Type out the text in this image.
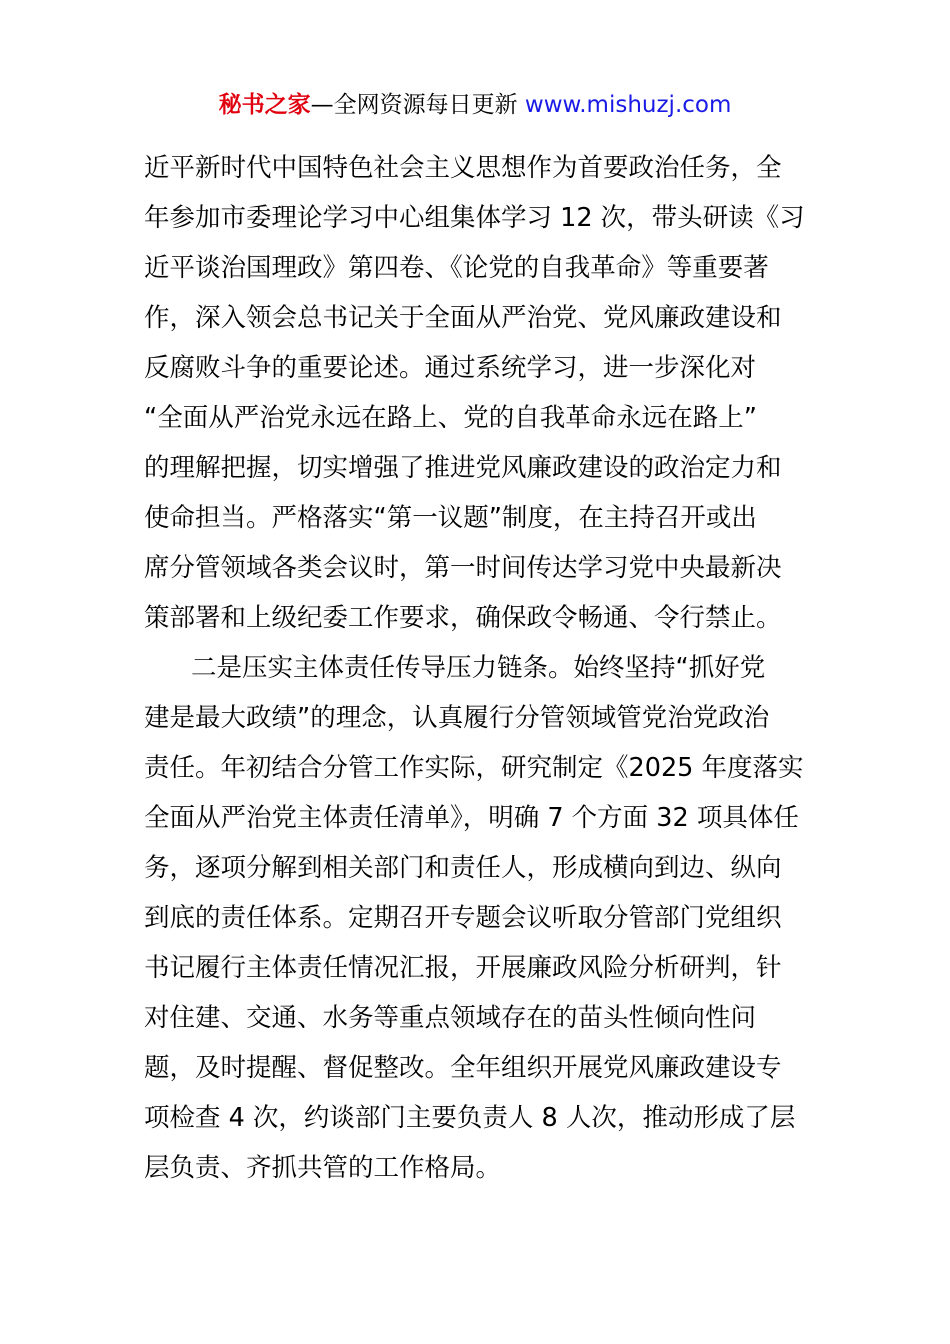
秘书之家—全网资源每日更新 www.mishuzj.com
近平新时代中国特色社会主义思想作为首要政治任务，全
年参加市委理论学习中心组集体学习 12 次，带头研读《习
近平谈治国理政》第四卷、《论党的自我革命》等重要著
作，深入领会总书记关于全面从严治党、党风廉政建设和
反腐败斗争的重要论述。通过系统学习，进一步深化对
“全面从严治党永远在路上、党的自我革命永远在路上”
的理解把握，切实增强了推进党风廉政建设的政治定力和
使命担当。严格落实“第一议题”制度，在主持召开或出
席分管领域各类会议时，第一时间传达学习党中央最新决
策部署和上级纪委工作要求，确保政令畅通、令行禁止。
二是压实主体责任传导压力链条。始终坚持“抓好党
建是最大政绩”的理念，认真履行分管领域管党治党政治
责任。年初结合分管工作实际，研究制定《2025 年度落实
全面从严治党主体责任清单》，明确 7 个方面 32 项具体任
务，逐项分解到相关部门和责任人，形成横向到边、纵向
到底的责任体系。定期召开专题会议听取分管部门党组织
书记履行主体责任情况汇报，开展廉政风险分析研判，针
对住建、交通、水务等重点领域存在的苗头性倾向性问
题，及时提醒、督促整改。全年组织开展党风廉政建设专
项检查 4 次，约谈部门主要负责人 8 人次，推动形成了层
层负责、齐抓共管的工作格局。
